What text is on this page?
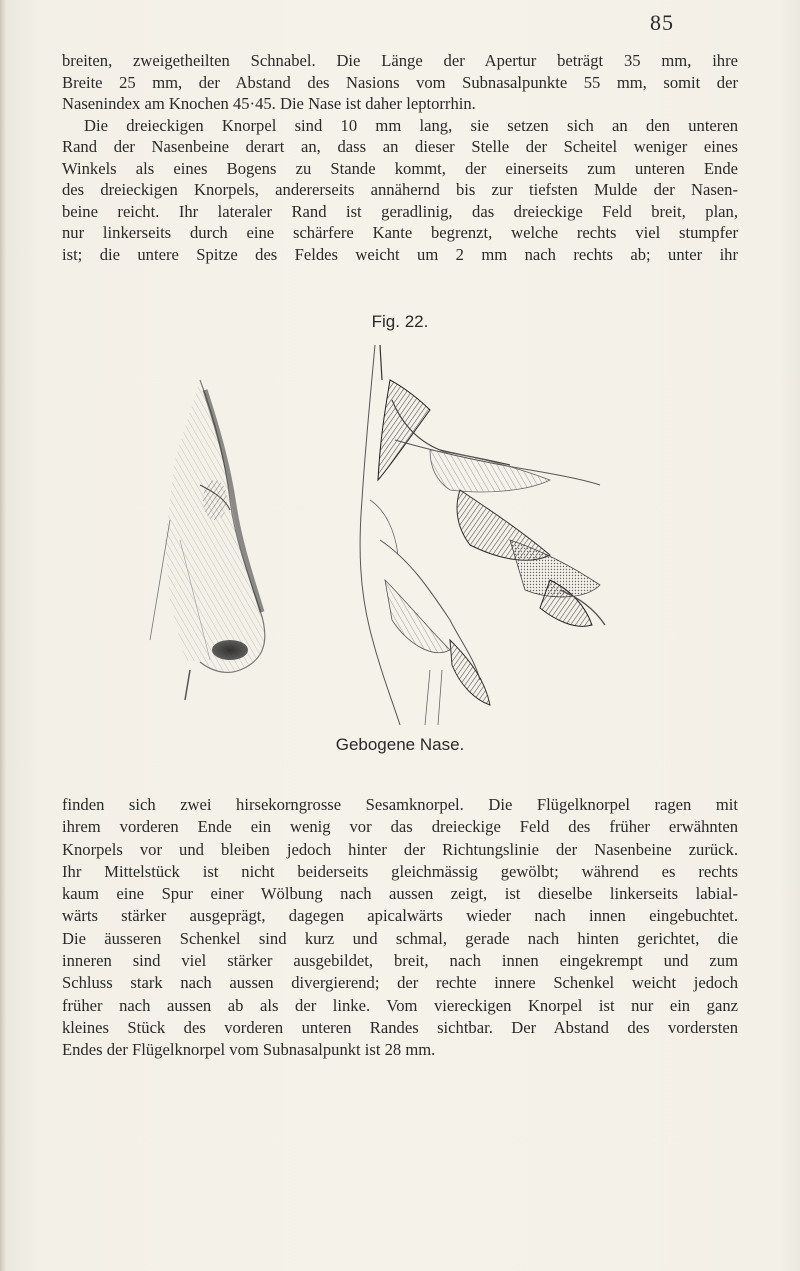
85

breiten, zweigetheilten Schnabel. Die Länge der Apertur beträgt 35 mm, ihre
Breite 25 mm, der Abstand des Nasions vom Subnasalpunkte 55 mm, somit der
Nasenindex am Knochen 45·45. Die Nase ist daher leptorrhin.
Die dreieckigen Knorpel sind 10 mm lang, sie setzen sich an den unteren
Rand der Nasenbeine derart an, dass an dieser Stelle der Scheitel weniger eines
Winkels als eines Bogens zu Stande kommt, der einerseits zum unteren Ende
des dreieckigen Knorpels, andererseits annähernd bis zur tiefsten Mulde der Nasen-
beine reicht. Ihr lateraler Rand ist geradlinig, das dreieckige Feld breit, plan,
nur linkerseits durch eine schärfere Kante begrenzt, welche rechts viel stumpfer
ist; die untere Spitze des Feldes weicht um 2 mm nach rechts ab; unter ihr

Fig. 22.
Gebogene Nase.

finden sich zwei hirsekorngrosse Sesamknorpel. Die Flügelknorpel ragen mit
ihrem vorderen Ende ein wenig vor das dreieckige Feld des früher erwähnten
Knorpels vor und bleiben jedoch hinter der Richtungslinie der Nasenbeine zurück.
Ihr Mittelstück ist nicht beiderseits gleichmässig gewölbt; während es rechts
kaum eine Spur einer Wölbung nach aussen zeigt, ist dieselbe linkerseits labial-
wärts stärker ausgeprägt, dagegen apicalwärts wieder nach innen eingebuchtet.
Die äusseren Schenkel sind kurz und schmal, gerade nach hinten gerichtet, die
inneren sind viel stärker ausgebildet, breit, nach innen eingekrempt und zum
Schluss stark nach aussen divergierend; der rechte innere Schenkel weicht jedoch
früher nach aussen ab als der linke. Vom viereckigen Knorpel ist nur ein ganz
kleines Stück des vorderen unteren Randes sichtbar. Der Abstand des vordersten
Endes der Flügelknorpel vom Subnasalpunkt ist 28 mm.
